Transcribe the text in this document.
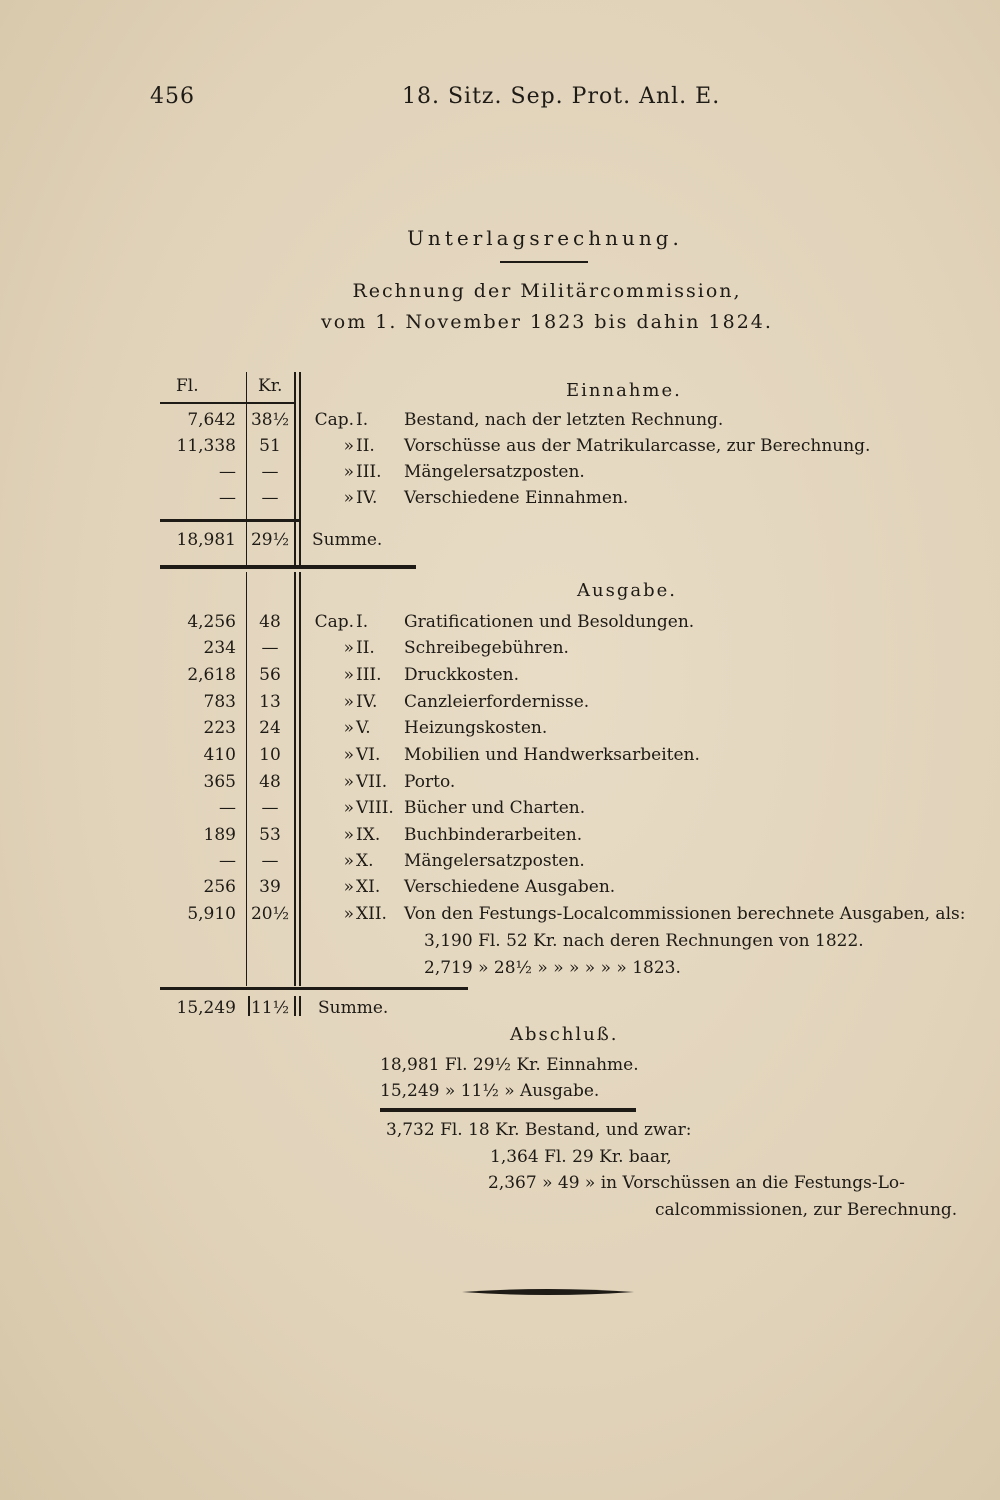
456	18. Sitz. Sep. Prot. Anl. E.
Unterlagsrechnung.
Rechnung der Militärcommission,
vom 1. November 1823 bis dahin 1824.
Fl.	Kr.	Einnahme.
7,642 38½ Cap. I.	Bestand, nach der letzten Rechnung.
11,338	51	» II.	Vorschüsse aus der Matrikularcasse, zur Berechnung.
—	—	» III.	Mängelersatzposten.
—	—	» IV.	Verschiedene Einnahmen.
18,981 29½ Summe.
Ausgabe.
4,256	48	Cap. I.	Gratificationen und Besoldungen.
234	—	» II.	Schreibegebühren.
2,618	56	» III.	Druckkosten.
783	13	» IV.	Canzleierfordernisse.
223	24	» V.	Heizungskosten.
410	10	» VI.	Mobilien und Handwerksarbeiten.
365	48	» VII. Porto.
—	—	» VIII. Bücher und Charten.
189	53	» IX.	Buchbinderarbeiten.
—	—	» X.	Mängelersatzposten.
256	39	» XI.	Verschiedene Ausgaben.
5,910 20½	» XII.	Von den Festungs-Localcommissionen berechnete Ausgaben, als:
3,190 Fl. 52 Kr. nach deren Rechnungen von 1822.
2,719 » 28½ » » » » » » 1823.
15,249 11½ Summe.
Abschluß.
18,981 Fl. 29½ Kr. Einnahme.
15,249 » 11½ » Ausgabe.
3,732 Fl. 18 Kr. Bestand, und zwar:
1,364 Fl. 29 Kr. baar,
2,367 » 49 » in Vorschüssen an die Festungs-Lo-
calcommissionen, zur Berechnung.
